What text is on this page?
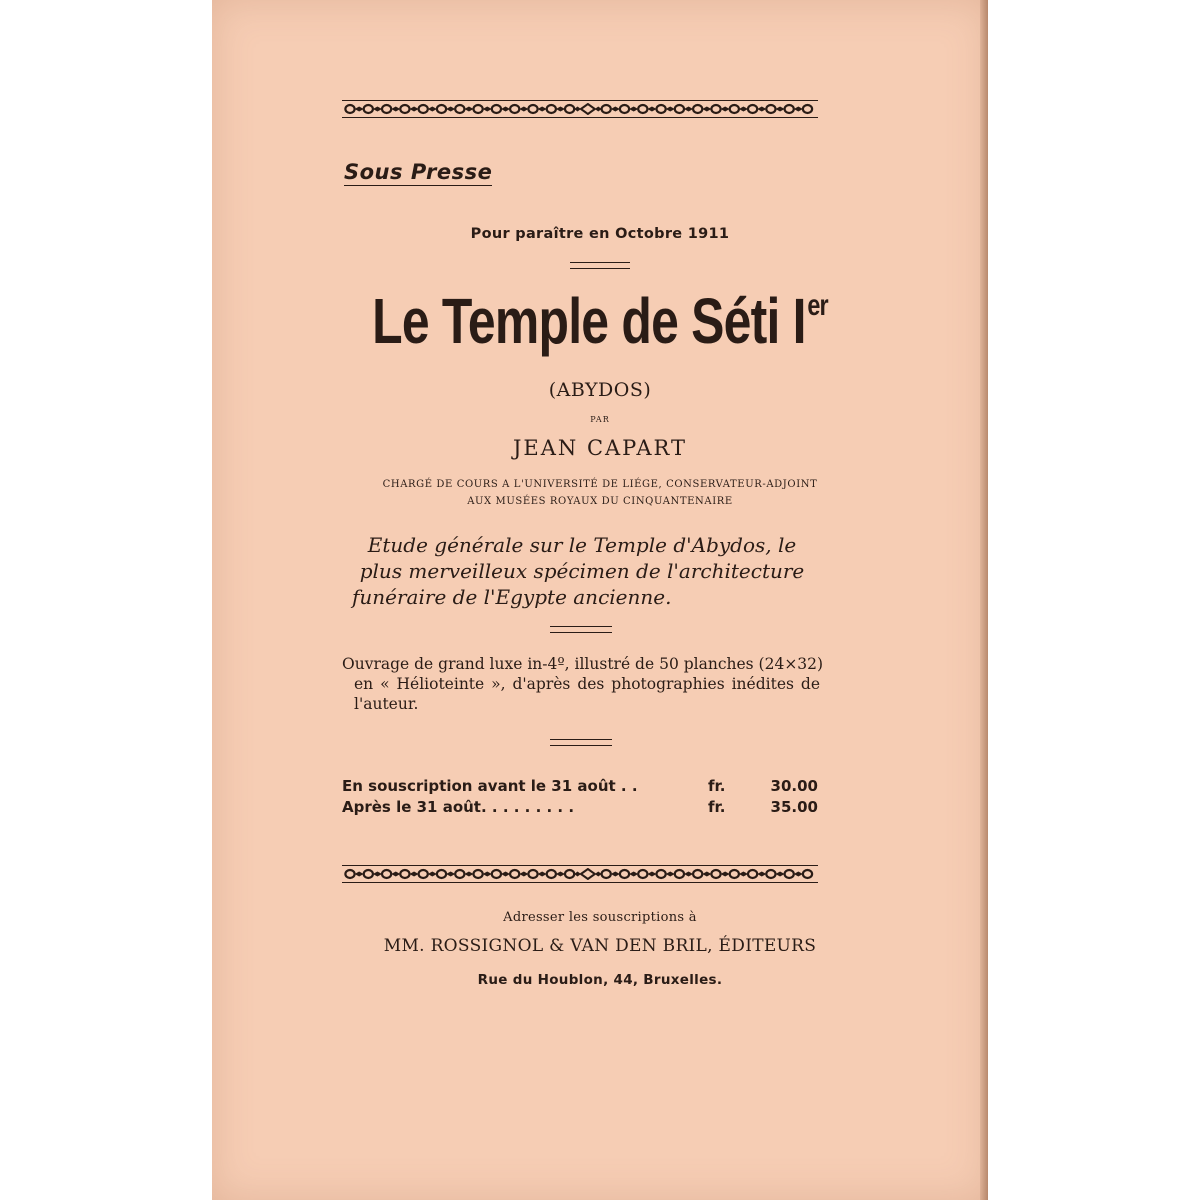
Sous Presse
Pour paraître en Octobre 1911
Le Temple de Séti Ier
(ABYDOS)
PAR
JEAN CAPART
CHARGÉ DE COURS A L'UNIVERSITÉ DE LIÉGE, CONSERVATEUR-ADJOINT
AUX MUSÉES ROYAUX DU CINQUANTENAIRE
Etude générale sur le Temple d'Abydos, le
plus merveilleux spécimen de l'architecture
funéraire de l'Egypte ancienne.
Ouvrage de grand luxe in-4º, illustré de 50 planches (24×32)
en « Hélioteinte », d'après des photographies inédites de
l'auteur.
En souscription avant le 31 août . .	fr.	30.00
Après le 31 août. . . . . . . . .	fr.	35.00
Adresser les souscriptions à
MM. ROSSIGNOL & VAN DEN BRIL, ÉDITEURS
Rue du Houblon, 44, Bruxelles.
